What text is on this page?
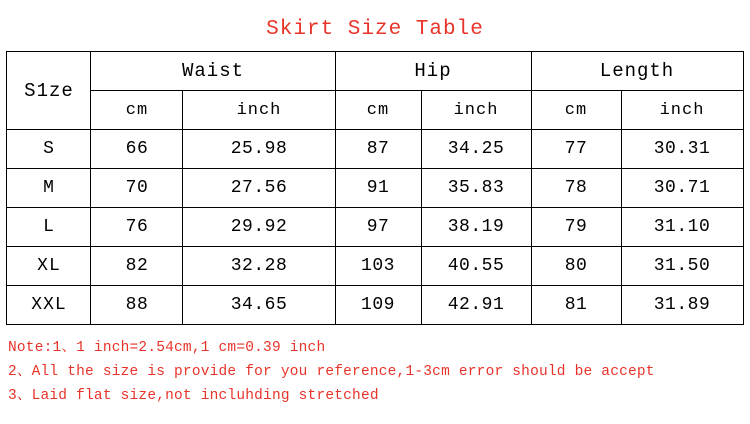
Skirt Size Table
S1ze	Waist		Hip		Length	
	cm	inch	cm	inch	cm	inch
S	66	25.98	87	34.25	77	30.31
M	70	27.56	91	35.83	78	30.71
L	76	29.92	97	38.19	79	31.10
XL	82	32.28	103	40.55	80	31.50
XXL	88	34.65	109	42.91	81	31.89
Note:1、1 inch=2.54cm,1 cm=0.39 inch
2、All the size is provide for you reference,1-3cm error should be accept
3、Laid flat size,not incluhding stretched
